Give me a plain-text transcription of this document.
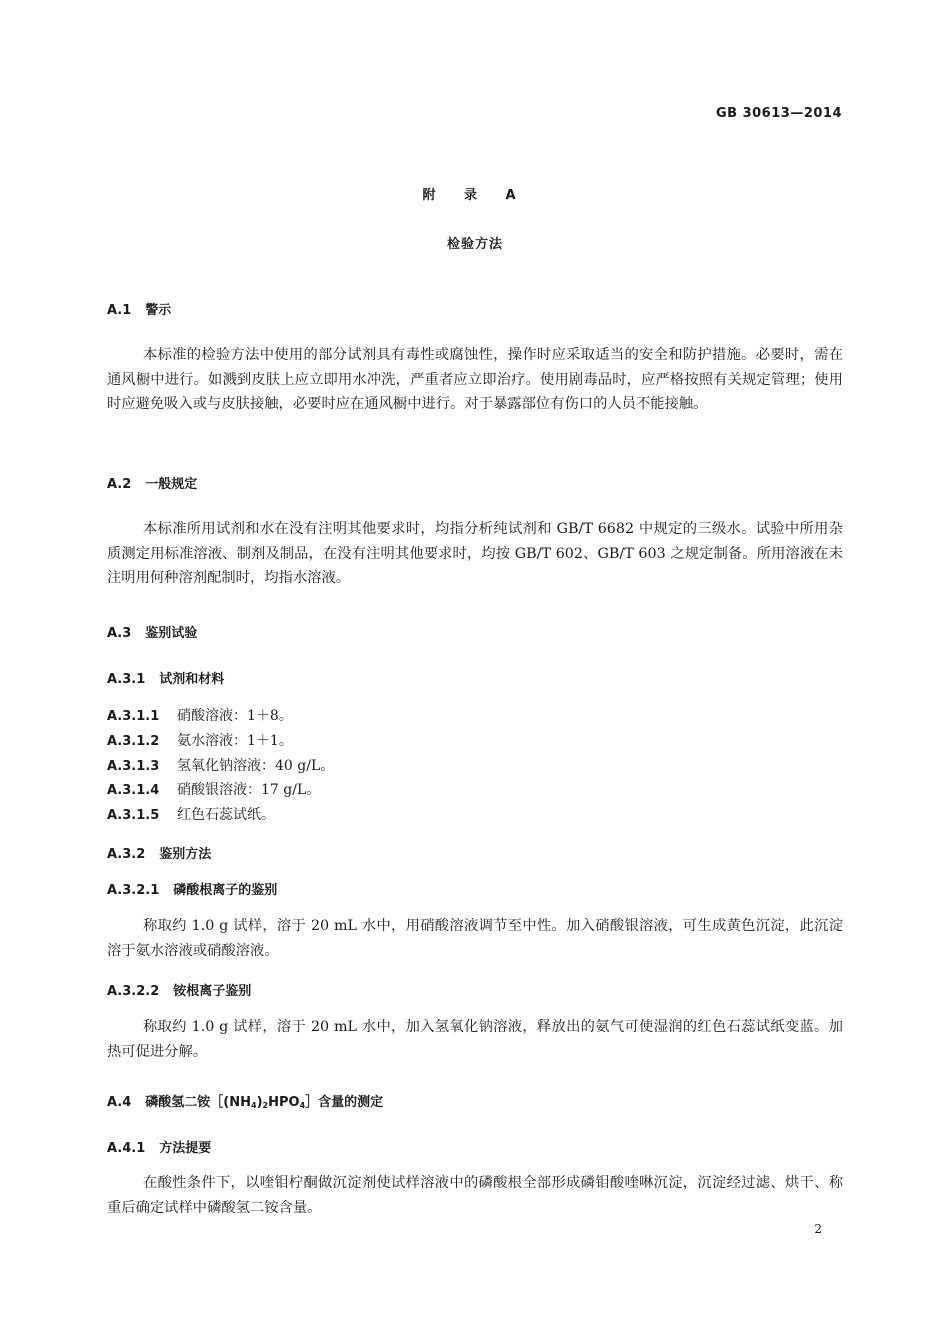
GB 30613—2014
附 录 A
检验方法
A.1 警示
本标准的检验方法中使用的部分试剂具有毒性或腐蚀性，操作时应采取适当的安全和防护措施。必要时，需在通风橱中进行。如溅到皮肤上应立即用水冲洗，严重者应立即治疗。使用剧毒品时，应严格按照有关规定管理；使用时应避免吸入或与皮肤接触，必要时应在通风橱中进行。对于暴露部位有伤口的人员不能接触。
A.2 一般规定
本标准所用试剂和水在没有注明其他要求时，均指分析纯试剂和 GB/T 6682 中规定的三级水。试验中所用杂质测定用标准溶液、制剂及制品，在没有注明其他要求时，均按 GB/T 602、GB/T 603 之规定制备。所用溶液在未注明用何种溶剂配制时，均指水溶液。
A.3 鉴别试验
A.3.1 试剂和材料
A.3.1.1 硝酸溶液：1＋8。
A.3.1.2 氨水溶液：1＋1。
A.3.1.3 氢氧化钠溶液：40 g/L。
A.3.1.4 硝酸银溶液：17 g/L。
A.3.1.5 红色石蕊试纸。
A.3.2 鉴别方法
A.3.2.1 磷酸根离子的鉴别
称取约 1.0 g 试样，溶于 20 mL 水中，用硝酸溶液调节至中性。加入硝酸银溶液，可生成黄色沉淀，此沉淀溶于氨水溶液或硝酸溶液。
A.3.2.2 铵根离子鉴别
称取约 1.0 g 试样，溶于 20 mL 水中，加入氢氧化钠溶液，释放出的氨气可使湿润的红色石蕊试纸变蓝。加热可促进分解。
A.4 磷酸氢二铵$[(NH_4)_2HPO_4]$含量的测定
A.4.1 方法提要
在酸性条件下，以喹钼柠酮做沉淀剂使试样溶液中的磷酸根全部形成磷钼酸喹啉沉淀，沉淀经过滤、烘干、称重后确定试样中磷酸氢二铵含量。
2
